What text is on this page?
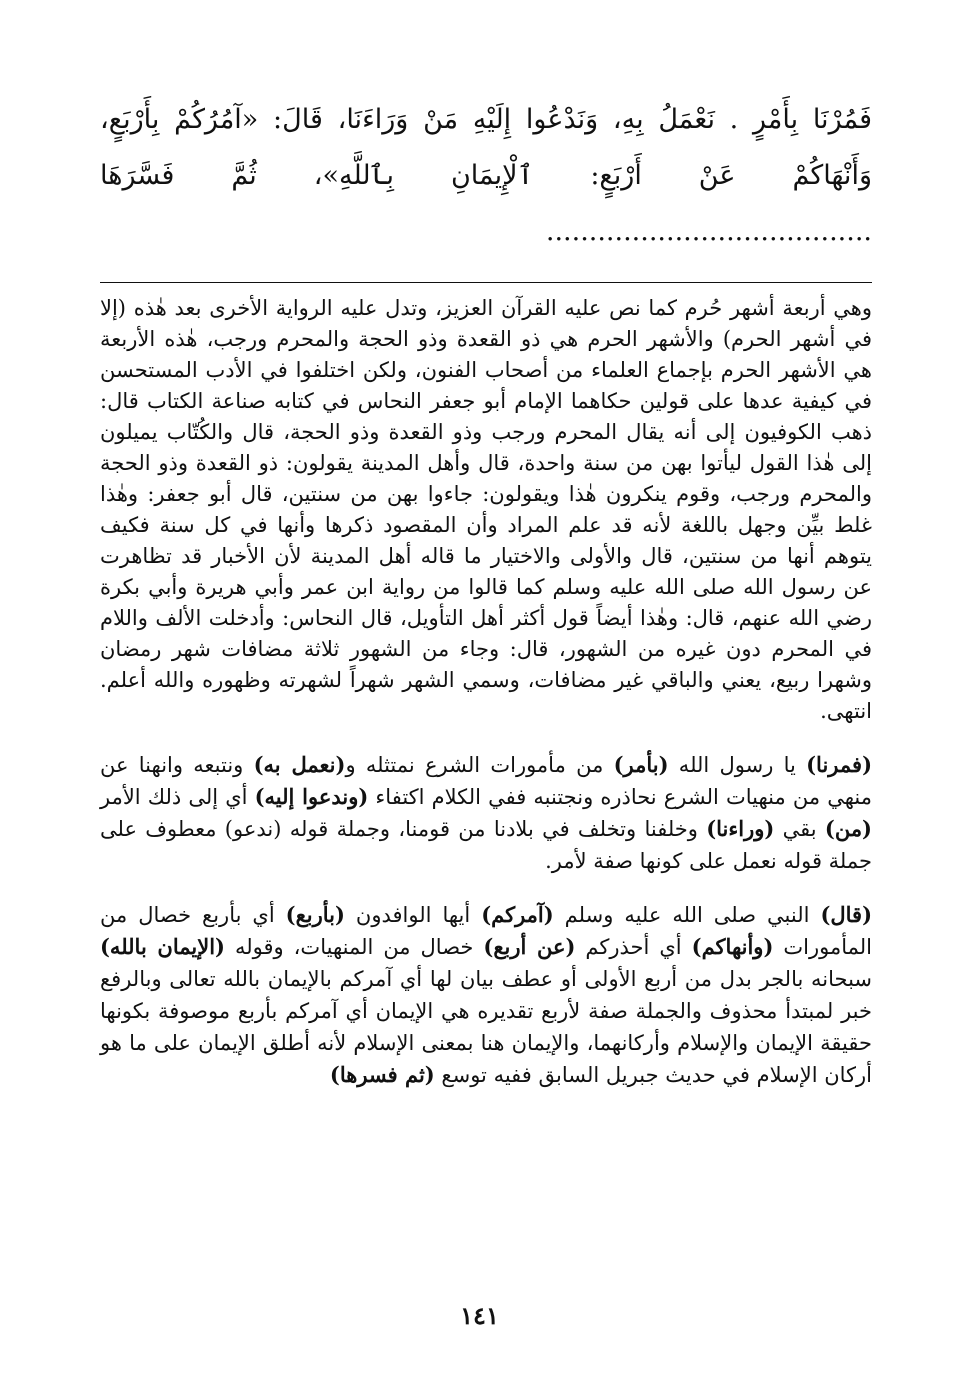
فَمُرْنَا بِأَمْرٍ . نَعْمَلُ بِهِ، وَنَدْعُوا إِلَيْهِ مَنْ وَرَاءَنَا، قَالَ: «آمُرُكُمْ بِأَرْبَعٍ، وَأَنْهَاكُمْ عَنْ أَرْبَعٍ: ٱلْإِيمَانِ بِٱللَّهِ»، ثُمَّ فَسَّرَهَا ......................................

وهي أربعة أشهر حُرم كما نص عليه القرآن العزيز، وتدل عليه الرواية الأخرى بعد هٰذه (إلا في أشهر الحرم) والأشهر الحرم هي ذو القعدة وذو الحجة والمحرم ورجب، هٰذه الأربعة هي الأشهر الحرم بإجماع العلماء من أصحاب الفنون، ولكن اختلفوا في الأدب المستحسن في كيفية عدها على قولين حكاهما الإمام أبو جعفر النحاس في كتابه صناعة الكتاب قال: ذهب الكوفيون إلى أنه يقال المحرم ورجب وذو القعدة وذو الحجة، قال والكُتّاب يميلون إلى هٰذا القول ليأتوا بهن من سنة واحدة، قال وأهل المدينة يقولون: ذو القعدة وذو الحجة والمحرم ورجب، وقوم ينكرون هٰذا ويقولون: جاءوا بهن من سنتين، قال أبو جعفر: وهٰذا غلط بيِّن وجهل باللغة لأنه قد علم المراد وأن المقصود ذكرها وأنها في كل سنة فكيف يتوهم أنها من سنتين، قال والأولى والاختيار ما قاله أهل المدينة لأن الأخبار قد تظاهرت عن رسول الله صلى الله عليه وسلم كما قالوا من رواية ابن عمر وأبي هريرة وأبي بكرة رضي الله عنهم، قال: وهٰذا أيضاً قول أكثر أهل التأويل، قال النحاس: وأدخلت الألف واللام في المحرم دون غيره من الشهور، قال: وجاء من الشهور ثلاثة مضافات شهر رمضان وشهرا ربيع، يعني والباقي غير مضافات، وسمي الشهر شهراً لشهرته وظهوره والله أعلم. انتهى.

(فمرنا) يا رسول الله (بأمر) من مأمورات الشرع نمتثله و(نعمل به) ونتبعه وانهنا عن منهي من منهيات الشرع نحاذره ونجتنبه ففي الكلام اكتفاء (وندعوا إليه) أي إلى ذلك الأمر (من) بقي (وراءنا) وخلفنا وتخلف في بلادنا من قومنا، وجملة قوله (ندعو) معطوف على جملة قوله نعمل على كونها صفة لأمر.

(قال) النبي صلى الله عليه وسلم (آمركم) أيها الوافدون (بأربع) أي بأربع خصال من المأمورات (وأنهاكم) أي أحذركم (عن أربع) خصال من المنهيات، وقوله (الإيمان بالله) سبحانه بالجر بدل من أربع الأولى أو عطف بيان لها أي آمركم بالإيمان بالله تعالى وبالرفع خبر لمبتدأ محذوف والجملة صفة لأربع تقديره هي الإيمان أي آمركم بأربع موصوفة بكونها حقيقة الإيمان والإسلام وأركانهما، والإيمان هنا بمعنى الإسلام لأنه أطلق الإيمان على ما هو أركان الإسلام في حديث جبريل السابق ففيه توسع (ثم فسرها)

١٤١
